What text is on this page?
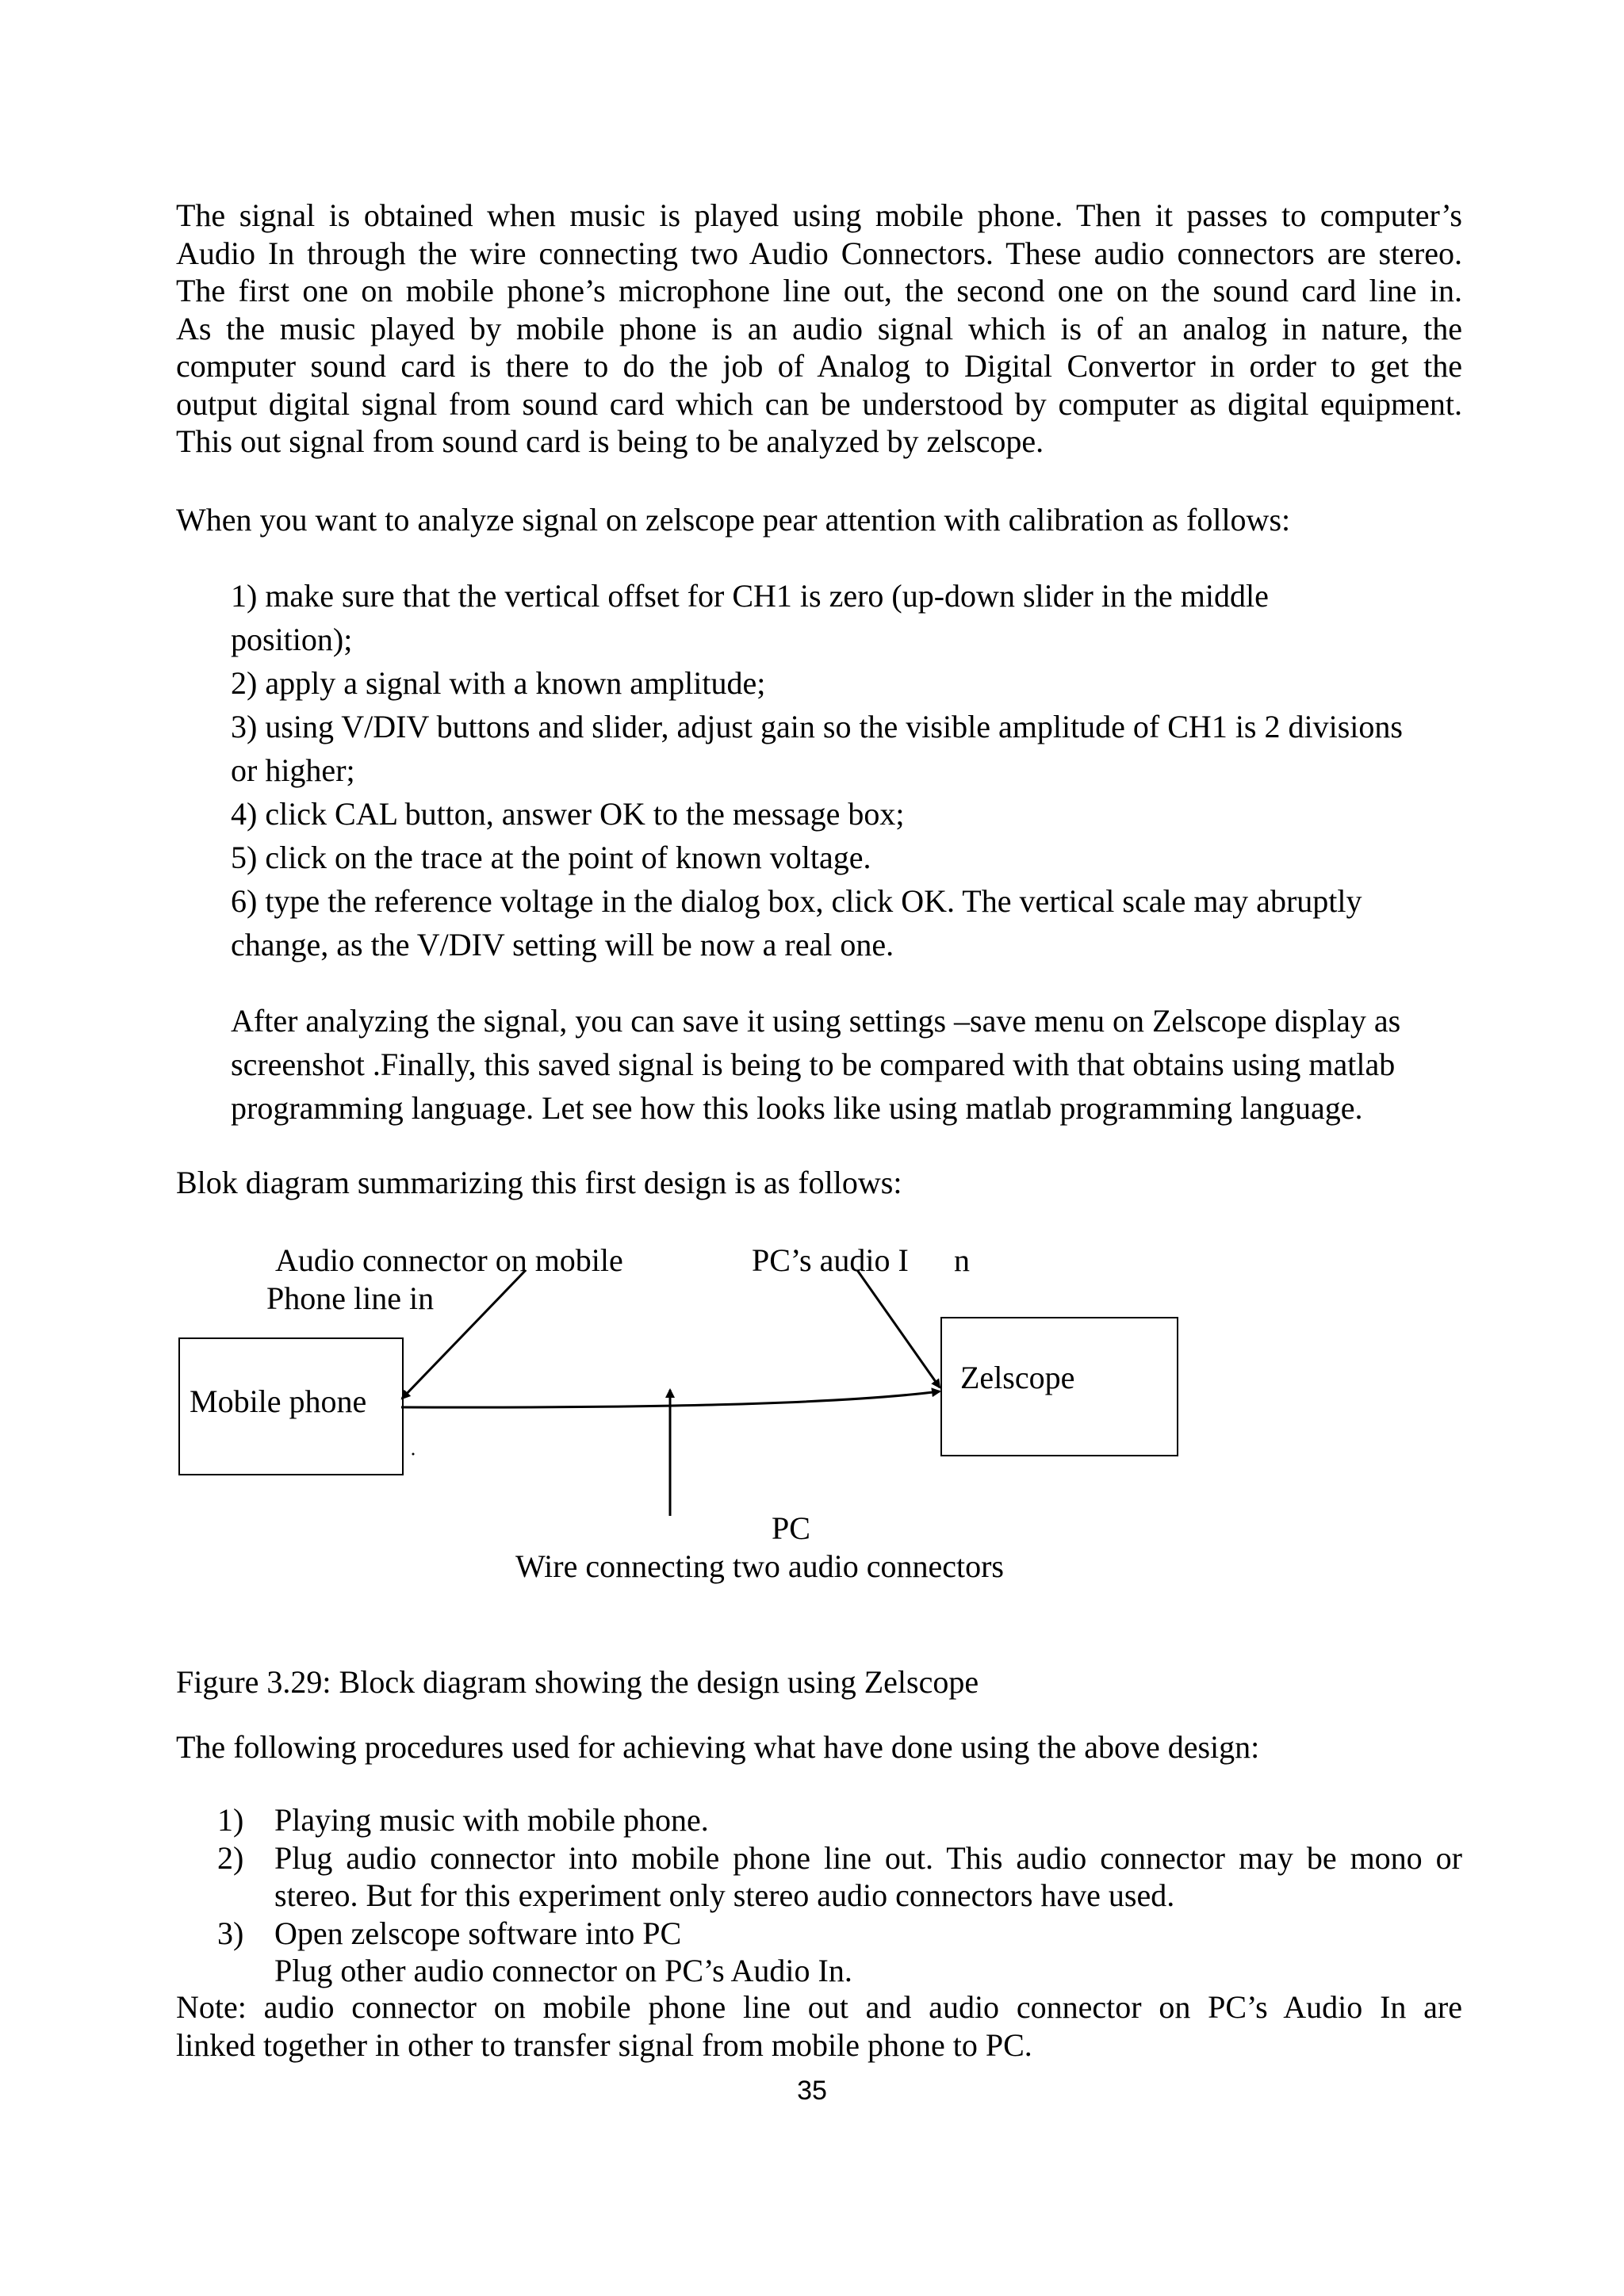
The signal is obtained when music is played using mobile phone. Then it passes to computer’s
Audio In through the wire connecting two Audio Connectors. These audio connectors are stereo.
The first one on mobile phone’s microphone line out, the second one on the sound card line in.
As the music played by mobile phone is an audio signal which is of an analog in nature, the
computer sound card is there to do the job of Analog to Digital Convertor in order to get the
output digital signal from sound card which can be understood by computer as digital equipment.
This out signal from sound card is being to be analyzed by zelscope.

When you want to analyze signal on zelscope pear attention with calibration as follows:

1) make sure that the vertical offset for CH1 is zero (up-down slider in the middle
position);
2) apply a signal with a known amplitude;
3) using V/DIV buttons and slider, adjust gain so the visible amplitude of CH1 is 2 divisions
or higher;
4) click CAL button, answer OK to the message box;
5) click on the trace at the point of known voltage.
6) type the reference voltage in the dialog box, click OK. The vertical scale may abruptly
change, as the V/DIV setting will be now a real one.
After analyzing the signal, you can save it using settings –save menu on Zelscope display as
screenshot .Finally, this saved signal is being to be compared with that obtains using matlab
programming language. Let see how this looks like using matlab programming language.

Blok diagram summarizing this first design is as follows:

Audio connector on mobile
Phone line in
PC’s audio I n
Mobile phone
Zelscope
PC
Wire connecting two audio connectors

Figure 3.29: Block diagram showing the design using Zelscope

The following procedures used for achieving what have done using the above design:

1) Playing music with mobile phone.
2) Plug audio connector into mobile phone line out. This audio connector may be mono or stereo. But for this experiment only stereo audio connectors have used.
3) Open zelscope software into PC
Plug other audio connector on PC’s Audio In.
Note: audio connector on mobile phone line out and audio connector on PC’s Audio In are
linked together in other to transfer signal from mobile phone to PC.
35
